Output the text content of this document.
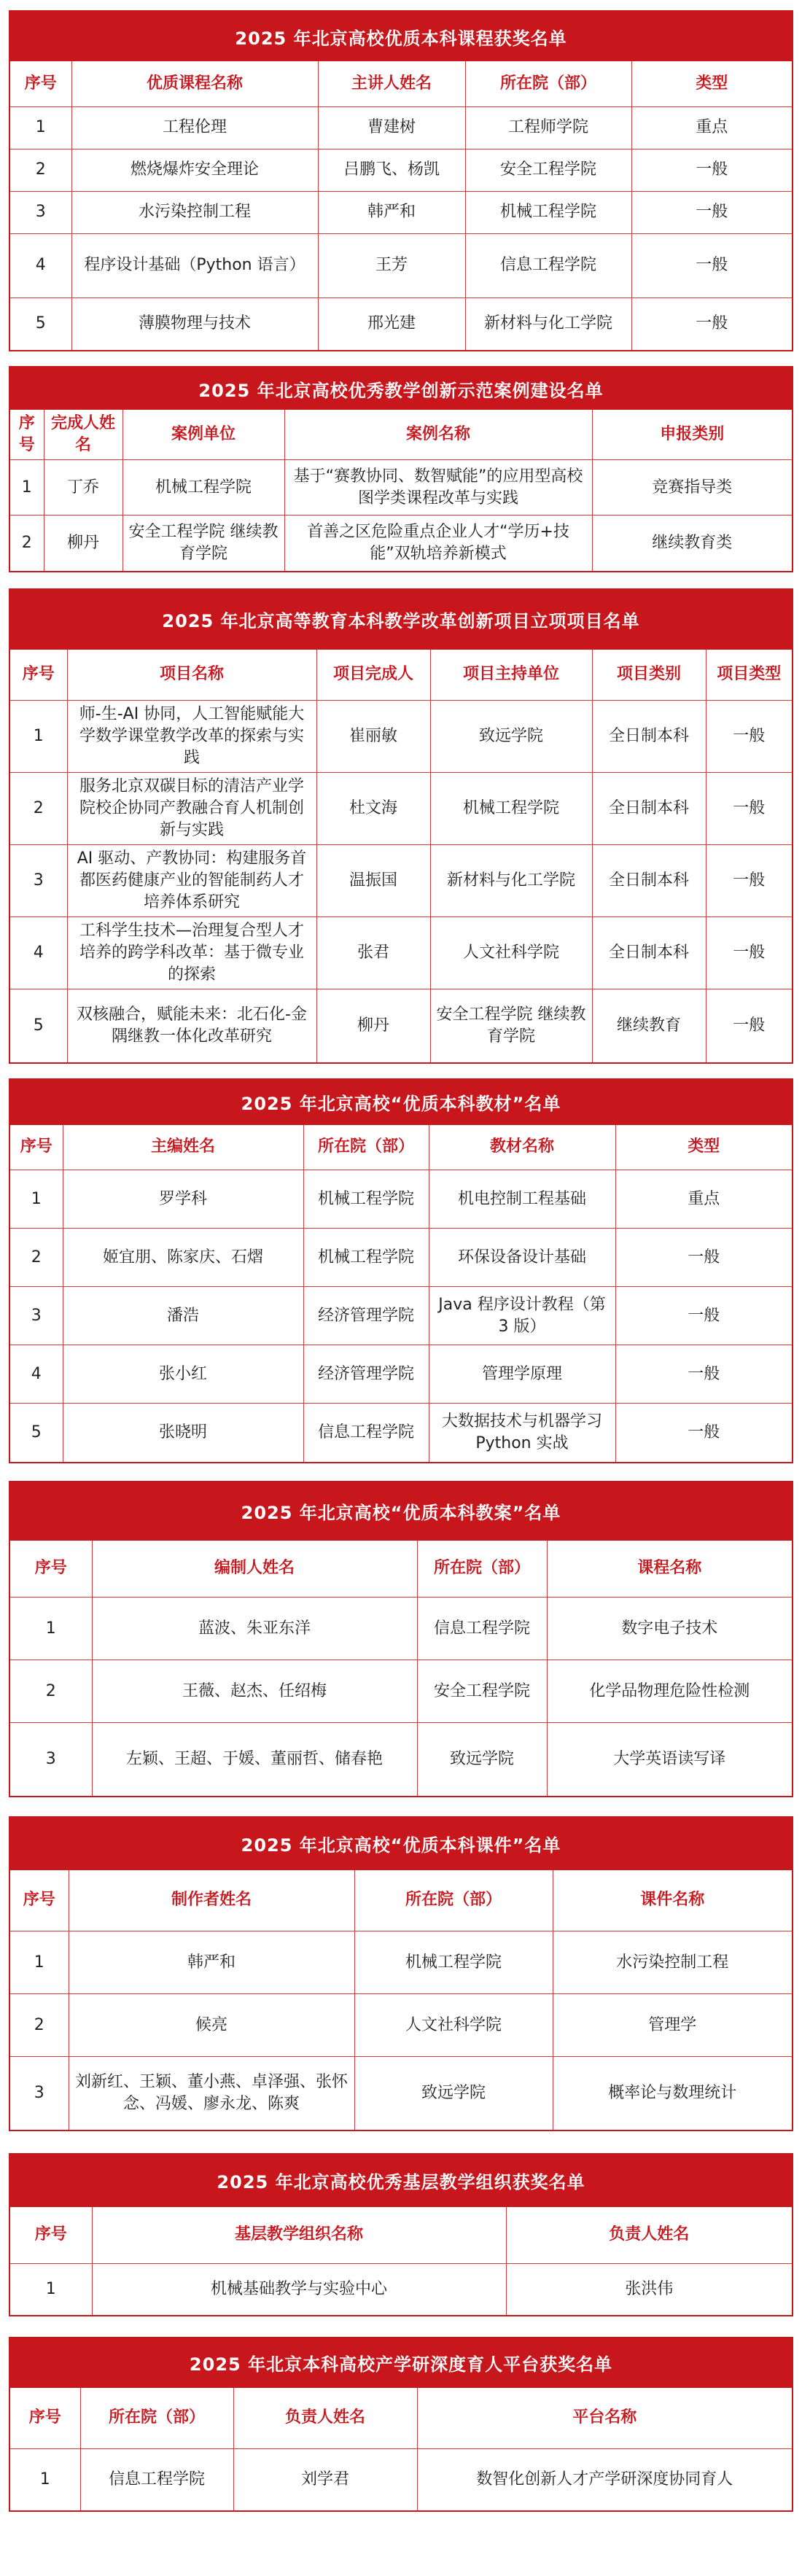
2025 年北京高校优质本科课程获奖名单
序号	优质课程名称	主讲人姓名	所在院（部）	类型
1	工程伦理	曹建树	工程师学院	重点
2	燃烧爆炸安全理论	吕鹏飞、杨凯	安全工程学院	一般
3	水污染控制工程	韩严和	机械工程学院	一般
4	程序设计基础（Python 语言）	王芳	信息工程学院	一般
5	薄膜物理与技术	邢光建	新材料与化工学院	一般
2025 年北京高校优秀教学创新示范案例建设名单
序号	完成人姓名	案例单位	案例名称	申报类别
1	丁乔	机械工程学院	基于“赛教协同、数智赋能”的应用型高校图学类课程改革与实践	竞赛指导类
2	柳丹	安全工程学院 继续教育学院	首善之区危险重点企业人才“学历+技能”双轨培养新模式	继续教育类
2025 年北京高等教育本科教学改革创新项目立项项目名单
序号	项目名称	项目完成人	项目主持单位	项目类别	项目类型
1	师-生-AI 协同，人工智能赋能大学数学课堂教学改革的探索与实践	崔丽敏	致远学院	全日制本科	一般
2	服务北京双碳目标的清洁产业学院校企协同产教融合育人机制创新与实践	杜文海	机械工程学院	全日制本科	一般
3	AI 驱动、产教协同：构建服务首都医药健康产业的智能制药人才培养体系研究	温振国	新材料与化工学院	全日制本科	一般
4	工科学生技术—治理复合型人才培养的跨学科改革：基于微专业的探索	张君	人文社科学院	全日制本科	一般
5	双核融合，赋能未来：北石化-金隅继教一体化改革研究	柳丹	安全工程学院 继续教育学院	继续教育	一般
2025 年北京高校“优质本科教材”名单
序号	主编姓名	所在院（部）	教材名称	类型
1	罗学科	机械工程学院	机电控制工程基础	重点
2	姬宜朋、陈家庆、石熠	机械工程学院	环保设备设计基础	一般
3	潘浩	经济管理学院	Java 程序设计教程（第 3 版）	一般
4	张小红	经济管理学院	管理学原理	一般
5	张晓明	信息工程学院	大数据技术与机器学习 Python 实战	一般
2025 年北京高校“优质本科教案”名单
序号	编制人姓名	所在院（部）	课程名称
1	蓝波、朱亚东洋	信息工程学院	数字电子技术
2	王薇、赵杰、任绍梅	安全工程学院	化学品物理危险性检测
3	左颖、王超、于媛、董丽哲、储春艳	致远学院	大学英语读写译
2025 年北京高校“优质本科课件”名单
序号	制作者姓名	所在院（部）	课件名称
1	韩严和	机械工程学院	水污染控制工程
2	候亮	人文社科学院	管理学
3	刘新红、王颖、董小燕、卓泽强、张怀念、冯媛、廖永龙、陈爽	致远学院	概率论与数理统计
2025 年北京高校优秀基层教学组织获奖名单
序号	基层教学组织名称	负责人姓名
1	机械基础教学与实验中心	张洪伟
2025 年北京本科高校产学研深度育人平台获奖名单
序号	所在院（部）	负责人姓名	平台名称
1	信息工程学院	刘学君	数智化创新人才产学研深度协同育人
